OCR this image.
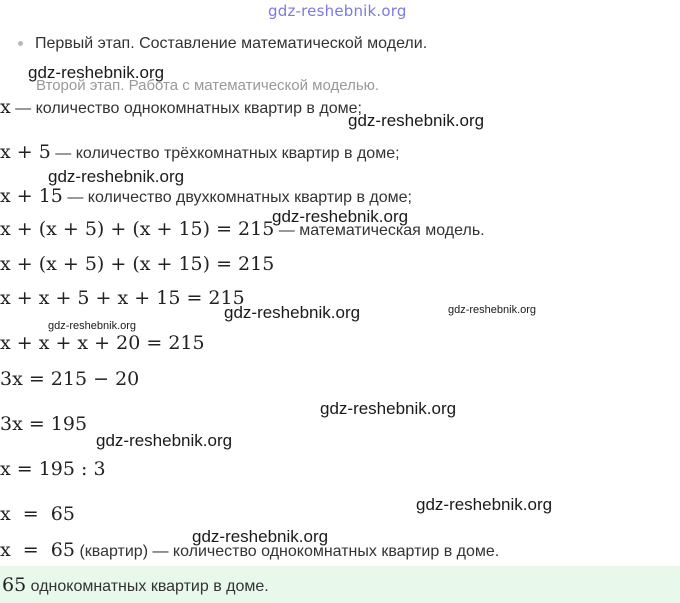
gdz-reshebnik.org
Первый этап. Составление математической модели.
Второй этап. Работа с математической моделью.
x — количество однокомнатных квартир в доме;
x + 5 — количество трёхкомнатных квартир в доме;
x + 15 — количество двухкомнатных квартир в доме;
x + (x + 5) + (x + 15) = 215 — математическая модель.
x + (x + 5) + (x + 15) = 215
x + x + 5 + x + 15 = 215
x + x + x + 20 = 215
3x = 215 − 20
3x = 195
x = 195 : 3
x  =  65
x  =  65 (квартир) — количество однокомнатных квартир в доме.
65 однокомнатных квартир в доме.
gdz-reshebnik.org
gdz-reshebnik.org
gdz-reshebnik.org
gdz-reshebnik.org
gdz-reshebnik.org	gdz-reshebnik.org
gdz-reshebnik.org
gdz-reshebnik.org
gdz-reshebnik.org
gdz-reshebnik.org
gdz-reshebnik.org
